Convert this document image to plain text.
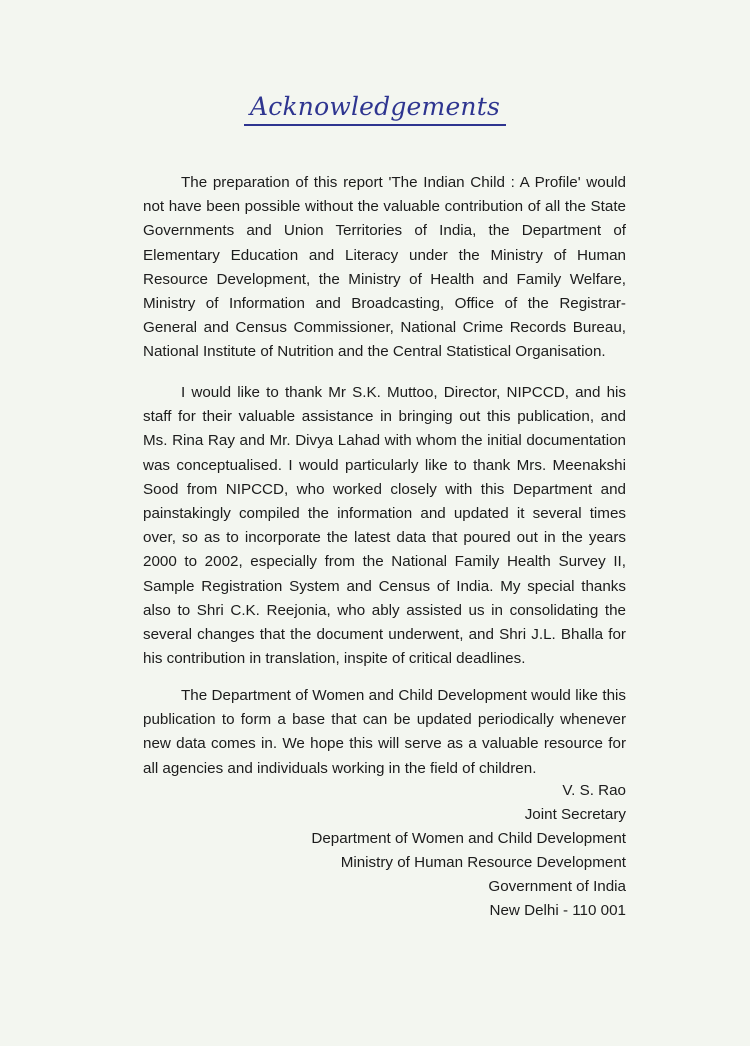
Acknowledgements

The preparation of this report 'The Indian Child : A Profile' would not have been possible without the valuable contribution of all the State Governments and Union Territories of India, the Department of Elementary Education and Literacy under the Ministry of Human Resource Development, the Ministry of Health and Family Welfare, Ministry of Information and Broadcasting, Office of the Registrar-General and Census Commissioner, National Crime Records Bureau, National Institute of Nutrition and the Central Statistical Organisation.

I would like to thank Mr S.K. Muttoo, Director, NIPCCD, and his staff for their valuable assistance in bringing out this publication, and Ms. Rina Ray and Mr. Divya Lahad with whom the initial documentation was conceptualised. I would particularly like to thank Mrs. Meenakshi Sood from NIPCCD, who worked closely with this Department and painstakingly compiled the information and updated it several times over, so as to incorporate the latest data that poured out in the years 2000 to 2002, especially from the National Family Health Survey II, Sample Registration System and Census of India. My special thanks also to Shri C.K. Reejonia, who ably assisted us in consolidating the several changes that the document underwent, and Shri J.L. Bhalla for his contribution in translation, inspite of critical deadlines.

The Department of Women and Child Development would like this publication to form a base that can be updated periodically whenever new data comes in. We hope this will serve as a valuable resource for all agencies and individuals working in the field of children.

V. S. Rao
Joint Secretary
Department of Women and Child Development
Ministry of Human Resource Development
Government of India
New Delhi - 110 001
